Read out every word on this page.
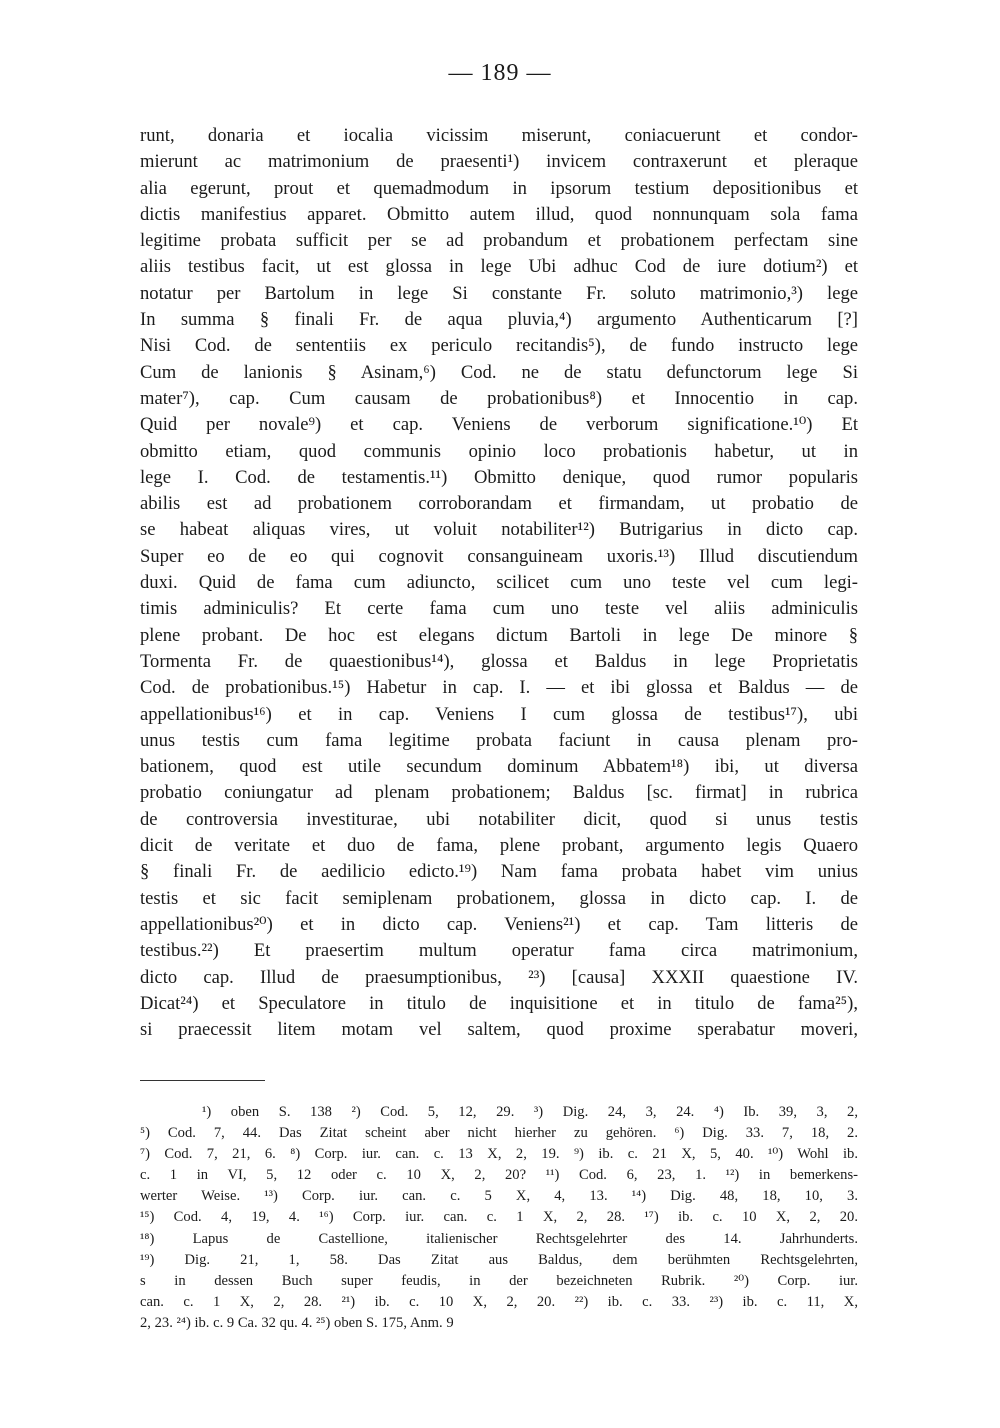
— 189 —
runt, donaria et iocalia vicissim miserunt, coniacuerunt et condor-
mierunt ac matrimonium de praesenti¹) invicem contraxerunt et pleraque
alia egerunt, prout et quemadmodum in ipsorum testium depositionibus et
dictis manifestius apparet. Obmitto autem illud, quod nonnunquam sola fama
legitime probata sufficit per se ad probandum et probationem perfectam sine
aliis testibus facit, ut est glossa in lege Ubi adhuc Cod de iure dotium²) et
notatur per Bartolum in lege Si constante Fr. soluto matrimonio,³) lege
In summa § finali Fr. de aqua pluvia,⁴) argumento Authenticarum [?]
Nisi Cod. de sententiis ex periculo recitandis⁵), de fundo instructo lege
Cum de lanionis § Asinam,⁶) Cod. ne de statu defunctorum lege Si
mater⁷), cap. Cum causam de probationibus⁸) et Innocentio in cap.
Quid per novale⁹) et cap. Veniens de verborum significatione.¹⁰) Et
obmitto etiam, quod communis opinio loco probationis habetur, ut in
lege I. Cod. de testamentis.¹¹) Obmitto denique, quod rumor popularis
abilis est ad probationem corroborandam et firmandam, ut probatio de
se habeat aliquas vires, ut voluit notabiliter¹²) Butrigarius in dicto cap.
Super eo de eo qui cognovit consanguineam uxoris.¹³) Illud discutiendum
duxi. Quid de fama cum adiuncto, scilicet cum uno teste vel cum legi-
timis adminiculis? Et certe fama cum uno teste vel aliis adminiculis
plene probant. De hoc est elegans dictum Bartoli in lege De minore §
Tormenta Fr. de quaestionibus¹⁴), glossa et Baldus in lege Proprietatis
Cod. de probationibus.¹⁵) Habetur in cap. I. — et ibi glossa et Baldus — de
appellationibus¹⁶) et in cap. Veniens I cum glossa de testibus¹⁷), ubi
unus testis cum fama legitime probata faciunt in causa plenam pro-
bationem, quod est utile secundum dominum Abbatem¹⁸) ibi, ut diversa
probatio coniungatur ad plenam probationem; Baldus [sc. firmat] in rubrica
de controversia investiturae, ubi notabiliter dicit, quod si unus testis
dicit de veritate et duo de fama, plene probant, argumento legis Quaero
§ finali Fr. de aedilicio edicto.¹⁹) Nam fama probata habet vim unius
testis et sic facit semiplenam probationem, glossa in dicto cap. I. de
appellationibus²⁰) et in dicto cap. Veniens²¹) et cap. Tam litteris de
testibus.²²) Et praesertim multum operatur fama circa matrimonium,
dicto cap. Illud de praesumptionibus, ²³) [causa] XXXII quaestione IV.
Dicat²⁴) et Speculatore in titulo de inquisitione et in titulo de fama²⁵),
si praecessit litem motam vel saltem, quod proxime sperabatur moveri,
¹) oben S. 138 ²) Cod. 5, 12, 29. ³) Dig. 24, 3, 24. ⁴) Ib. 39, 3, 2,
⁵) Cod. 7, 44. Das Zitat scheint aber nicht hierher zu gehören. ⁶) Dig. 33. 7, 18, 2.
⁷) Cod. 7, 21, 6. ⁸) Corp. iur. can. c. 13 X, 2, 19. ⁹) ib. c. 21 X, 5, 40. ¹⁰) Wohl ib.
c. 1 in VI, 5, 12 oder c. 10 X, 2, 20? ¹¹) Cod. 6, 23, 1. ¹²) in bemerkens-
werter Weise. ¹³) Corp. iur. can. c. 5 X, 4, 13. ¹⁴) Dig. 48, 18, 10, 3.
¹⁵) Cod. 4, 19, 4. ¹⁶) Corp. iur. can. c. 1 X, 2, 28. ¹⁷) ib. c. 10 X, 2, 20.
¹⁸) Lapus de Castellione, italienischer Rechtsgelehrter des 14. Jahrhunderts.
¹⁹) Dig. 21, 1, 58. Das Zitat aus Baldus, dem berühmten Rechtsgelehrten,
s in dessen Buch super feudis, in der bezeichneten Rubrik. ²⁰) Corp. iur.
can. c. 1 X, 2, 28. ²¹) ib. c. 10 X, 2, 20. ²²) ib. c. 33. ²³) ib. c. 11, X,
2, 23. ²⁴) ib. c. 9 Ca. 32 qu. 4. ²⁵) oben S. 175, Anm. 9
